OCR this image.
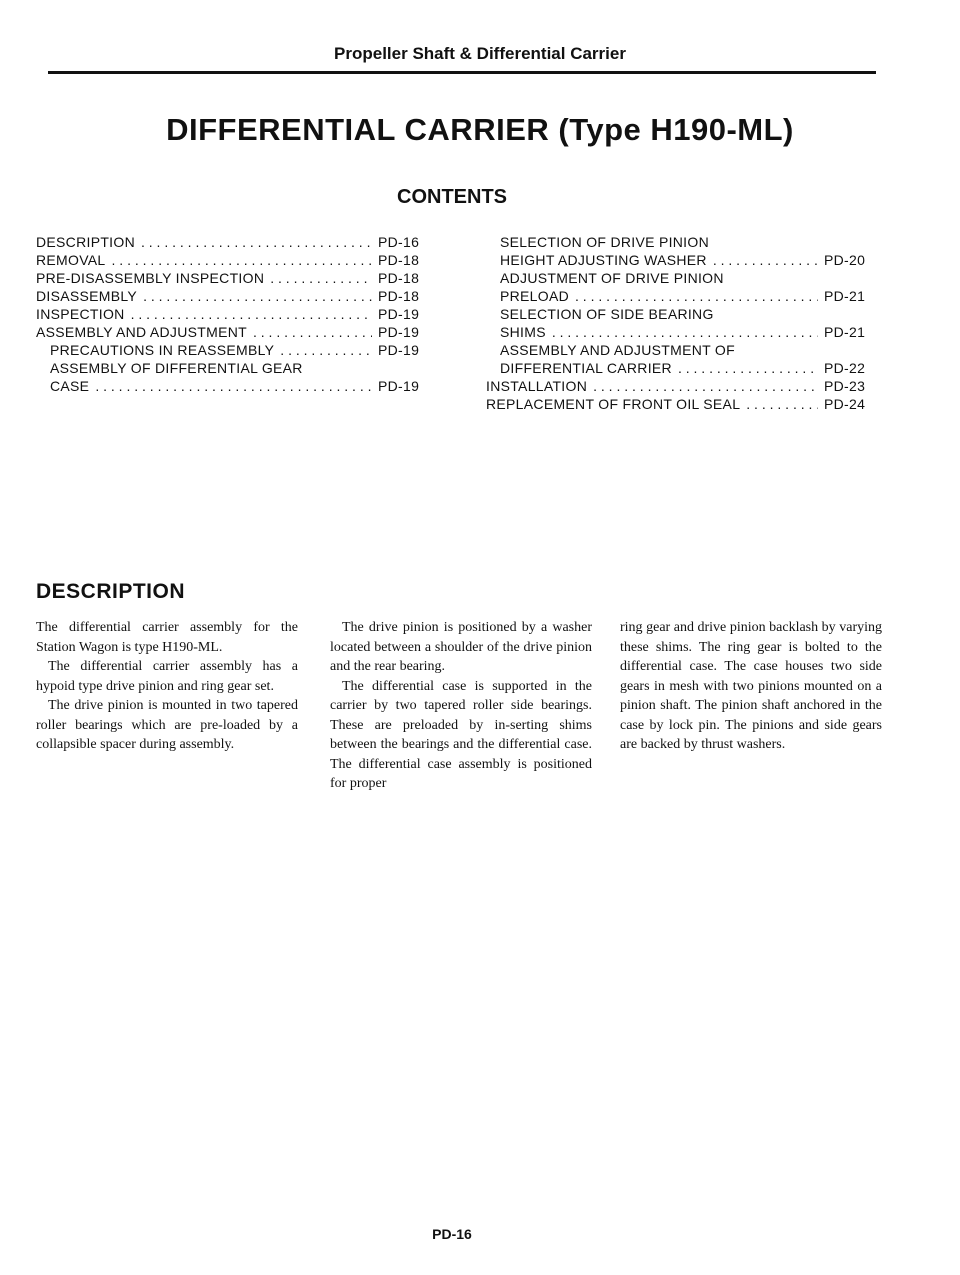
Propeller Shaft & Differential Carrier
DIFFERENTIAL CARRIER (Type H190-ML)
CONTENTS
DESCRIPTION . . .	PD-16
REMOVAL . . .	PD-18
PRE-DISASSEMBLY INSPECTION . . .	PD-18
DISASSEMBLY . . .	PD-18
INSPECTION . . .	PD-19
ASSEMBLY AND ADJUSTMENT . . .	PD-19
PRECAUTIONS IN REASSEMBLY . . .	PD-19
ASSEMBLY OF DIFFERENTIAL GEAR
CASE . . .	PD-19
SELECTION OF DRIVE PINION
HEIGHT ADJUSTING WASHER . . .	PD-20
ADJUSTMENT OF DRIVE PINION
PRELOAD . . .	PD-21
SELECTION OF SIDE BEARING
SHIMS . . .	PD-21
ASSEMBLY AND ADJUSTMENT OF
DIFFERENTIAL CARRIER . . .	PD-22
INSTALLATION . . .	PD-23
REPLACEMENT OF FRONT OIL SEAL . . .	PD-24
DESCRIPTION

The differential carrier assembly for the Station Wagon is type H190-ML.

The differential carrier assembly has a hypoid type drive pinion and ring gear set.

The drive pinion is mounted in two tapered roller bearings which are pre-loaded by a collapsible spacer during assembly.

The drive pinion is positioned by a washer located between a shoulder of the drive pinion and the rear bearing.

The differential case is supported in the carrier by two tapered roller side bearings. These are preloaded by in-serting shims between the bearings and the differential case. The differential case assembly is positioned for proper

ring gear and drive pinion backlash by varying these shims. The ring gear is bolted to the differential case. The case houses two side gears in mesh with two pinions mounted on a pinion shaft. The pinion shaft anchored in the case by lock pin. The pinions and side gears are backed by thrust washers.

PD-16
